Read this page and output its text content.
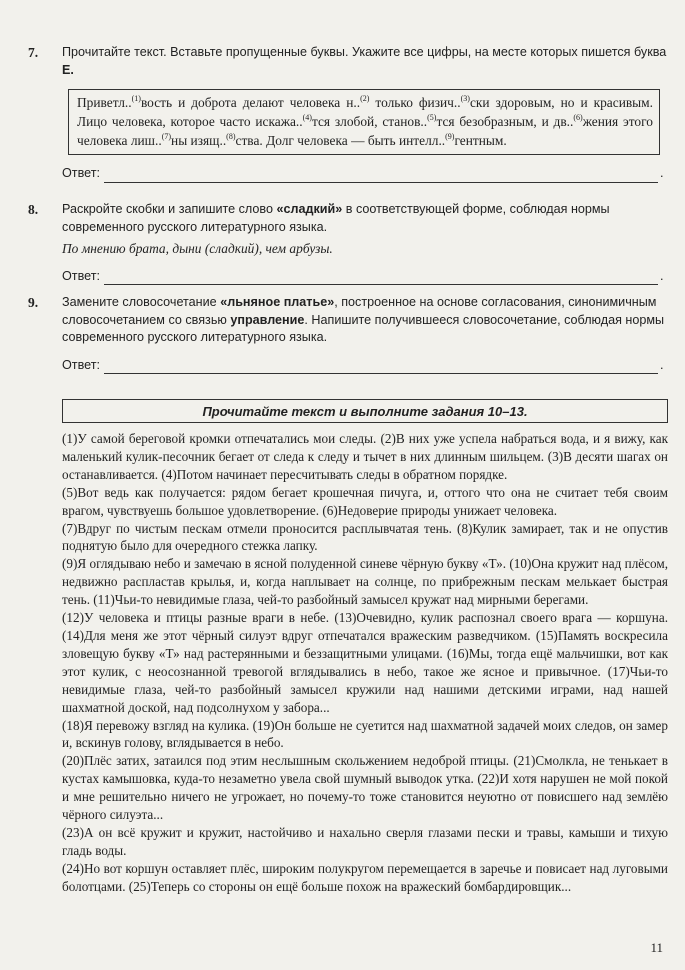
7. Прочитайте текст. Вставьте пропущенные буквы. Укажите все цифры, на месте которых пишется буква Е.
Приветл..$^{(1)}$вость и доброта делают человека н..$^{(2)}$ только физич..$^{(3)}$ски здоровым, но и красивым. Лицо человека, которое часто искажа..$^{(4)}$тся злобой, станов..$^{(5)}$тся безобразным, и дв..$^{(6)}$жения этого человека лиш..$^{(7)}$ны изящ..$^{(8)}$ства. Долг человека — быть интелл..$^{(9)}$гентным.
Ответ:	.
8. Раскройте скобки и запишите слово «сладкий» в соответствующей форме, соблюдая нормы современного русского литературного языка.
По мнению брата, дыни (сладкий), чем арбузы.
Ответ:	.
9. Замените словосочетание «льняное платье», построенное на основе согласования, синонимичным словосочетанием со связью управление. Напишите получившееся словосочетание, соблюдая нормы современного русского литературного языка.
Ответ:	.
Прочитайте текст и выполните задания 10–13.

(1)У самой береговой кромки отпечатались мои следы. (2)В них уже успела набраться вода, и я вижу, как маленький кулик-песочник бегает от следа к следу и тычет в них длинным шильцем. (3)В десяти шагах он останавливается. (4)Потом начинает пересчитывать следы в обратном порядке.

(5)Вот ведь как получается: рядом бегает крошечная пичуга, и, оттого что она не считает тебя своим врагом, чувствуешь большое удовлетворение. (6)Недоверие природы унижает человека.

(7)Вдруг по чистым пескам отмели проносится расплывчатая тень. (8)Кулик замирает, так и не опустив поднятую было для очередного стежка лапку.

(9)Я оглядываю небо и замечаю в ясной полуденной синеве чёрную букву «Т». (10)Она кружит над плёсом, недвижно распластав крылья, и, когда наплывает на солнце, по прибрежным пескам мелькает быстрая тень. (11)Чьи-то невидимые глаза, чей-то разбойный замысел кружат над мирными берегами.

(12)У человека и птицы разные враги в небе. (13)Очевидно, кулик распознал своего врага — коршуна. (14)Для меня же этот чёрный силуэт вдруг отпечатался вражеским разведчиком. (15)Память воскресила зловещую букву «Т» над растерянными и беззащитными улицами. (16)Мы, тогда ещё мальчишки, вот как этот кулик, с неосознанной тревогой вглядывались в небо, такое же ясное и привычное. (17)Чьи-то невидимые глаза, чей-то разбойный замысел кружили над нашими детскими играми, над нашей шахматной доской, над подсолнухом у забора...

(18)Я перевожу взгляд на кулика. (19)Он больше не суетится над шахматной задачей моих следов, он замер и, вскинув голову, вглядывается в небо.

(20)Плёс затих, затаился под этим неслышным скольжением недоброй птицы. (21)Смолкла, не тенькает в кустах камышовка, куда-то незаметно увела свой шумный выводок утка. (22)И хотя нарушен не мой покой и мне решительно ничего не угрожает, но почему-то тоже становится неуютно от повисшего над землёю чёрного силуэта...

(23)А он всё кружит и кружит, настойчиво и нахально сверля глазами пески и травы, камыши и тихую гладь воды.

(24)Но вот коршун оставляет плёс, широким полукругом перемещается в заречье и повисает над луговыми болотцами. (25)Теперь со стороны он ещё больше похож на вражеский бомбардировщик...

11
